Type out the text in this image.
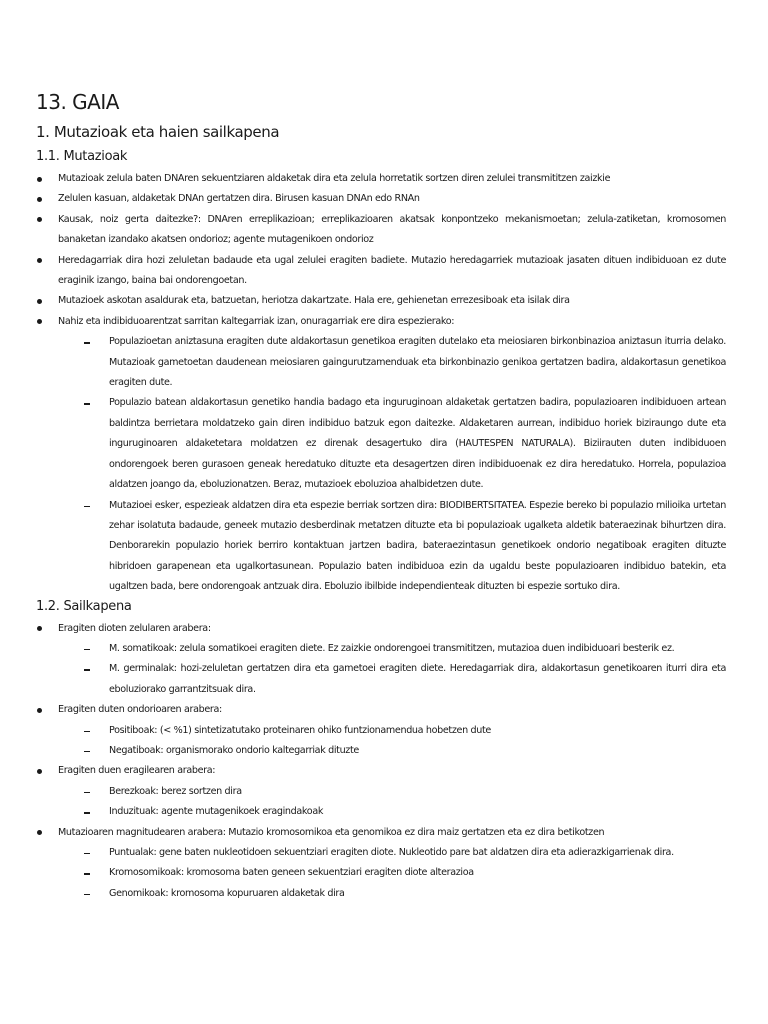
13. GAIA
1. Mutazioak eta haien sailkapena
1.1. Mutazioak
Mutazioak zelula baten DNAren sekuentziaren aldaketak dira eta zelula horretatik sortzen diren zelulei transmititzen zaizkie
Zelulen kasuan, aldaketak DNAn gertatzen dira. Birusen kasuan DNAn edo RNAn
Kausak, noiz gerta daitezke?: DNAren erreplikazioan; erreplikazioaren akatsak konpontzeko mekanismoetan; zelula-zatiketan, kromosomen banaketan izandako akatsen ondorioz; agente mutagenikoen ondorioz
Heredagarriak dira hozi zeluletan badaude eta ugal zelulei eragiten badiete. Mutazio heredagarriek mutazioak jasaten dituen indibiduoan ez dute eraginik izango, baina bai ondorengoetan.
Mutazioek askotan asaldurak eta, batzuetan, heriotza dakartzate. Hala ere, gehienetan errezesiboak eta isilak dira
Nahiz eta indibiduoarentzat sarritan kaltegarriak izan, onuragarriak ere dira espezierako:
Populazioetan aniztasuna eragiten dute aldakortasun genetikoa eragiten dutelako eta meiosiaren birkonbinazioa aniztasun iturria delako. Mutazioak gametoetan daudenean meiosiaren gaingurutzamenduak eta birkonbinazio genikoa gertatzen badira, aldakortasun genetikoa eragiten dute.
Populazio batean aldakortasun genetiko handia badago eta inguruginoan aldaketak gertatzen badira, populazioaren indibiduoen artean baldintza berrietara moldatzeko gain diren indibiduo batzuk egon daitezke. Aldaketaren aurrean, indibiduo horiek biziraungo dute eta inguruginoaren aldaketetara moldatzen ez direnak desagertuko dira (HAUTESPEN NATURALA). Biziirauten duten indibiduoen ondorengoek beren gurasoen geneak heredatuko dituzte eta desagertzen diren indibiduoenak ez dira heredatuko. Horrela, populazioa aldatzen joango da, eboluzionatzen. Beraz, mutazioek eboluzioa ahalbidetzen dute.
Mutazioei esker, espezieak aldatzen dira eta espezie berriak sortzen dira: BIODIBERTSITATEA. Espezie bereko bi populazio milioika urtetan zehar isolatuta badaude, geneek mutazio desberdinak metatzen dituzte eta bi populazioak ugalketa aldetik bateraezinak bihurtzen dira. Denborarekin populazio horiek berriro kontaktuan jartzen badira, bateraezintasun genetikoek ondorio negatiboak eragiten dituzte hibridoen garapenean eta ugalkortasunean. Populazio baten indibiduoa ezin da ugaldu beste populazioaren indibiduo batekin, eta ugaltzen bada, bere ondorengoak antzuak dira. Eboluzio ibilbide independienteak dituzten bi espezie sortuko dira.
1.2. Sailkapena
Eragiten dioten zelularen arabera:
M. somatikoak: zelula somatikoei eragiten diete. Ez zaizkie ondorengoei transmititzen, mutazioa duen indibiduoari besterik ez.
M. germinalak: hozi-zeluletan gertatzen dira eta gametoei eragiten diete. Heredagarriak dira, aldakortasun genetikoaren iturri dira eta eboluziorako garrantzitsuak dira.
Eragiten duten ondorioaren arabera:
Positiboak: (< %1) sintetizatutako proteinaren ohiko funtzionamendua hobetzen dute
Negatiboak: organismorako ondorio kaltegarriak dituzte
Eragiten duen eragilearen arabera:
Berezkoak: berez sortzen dira
Induzituak: agente mutagenikoek eragindakoak
Mutazioaren magnitudearen arabera: Mutazio kromosomikoa eta genomikoa ez dira maiz gertatzen eta ez dira betikotzen
Puntualak: gene baten nukleotidoen sekuentziari eragiten diote. Nukleotido pare bat aldatzen dira eta adierazkigarrienak dira.
Kromosomikoak: kromosoma baten geneen sekuentziari eragiten diote alterazioa
Genomikoak: kromosoma kopuruaren aldaketak dira
